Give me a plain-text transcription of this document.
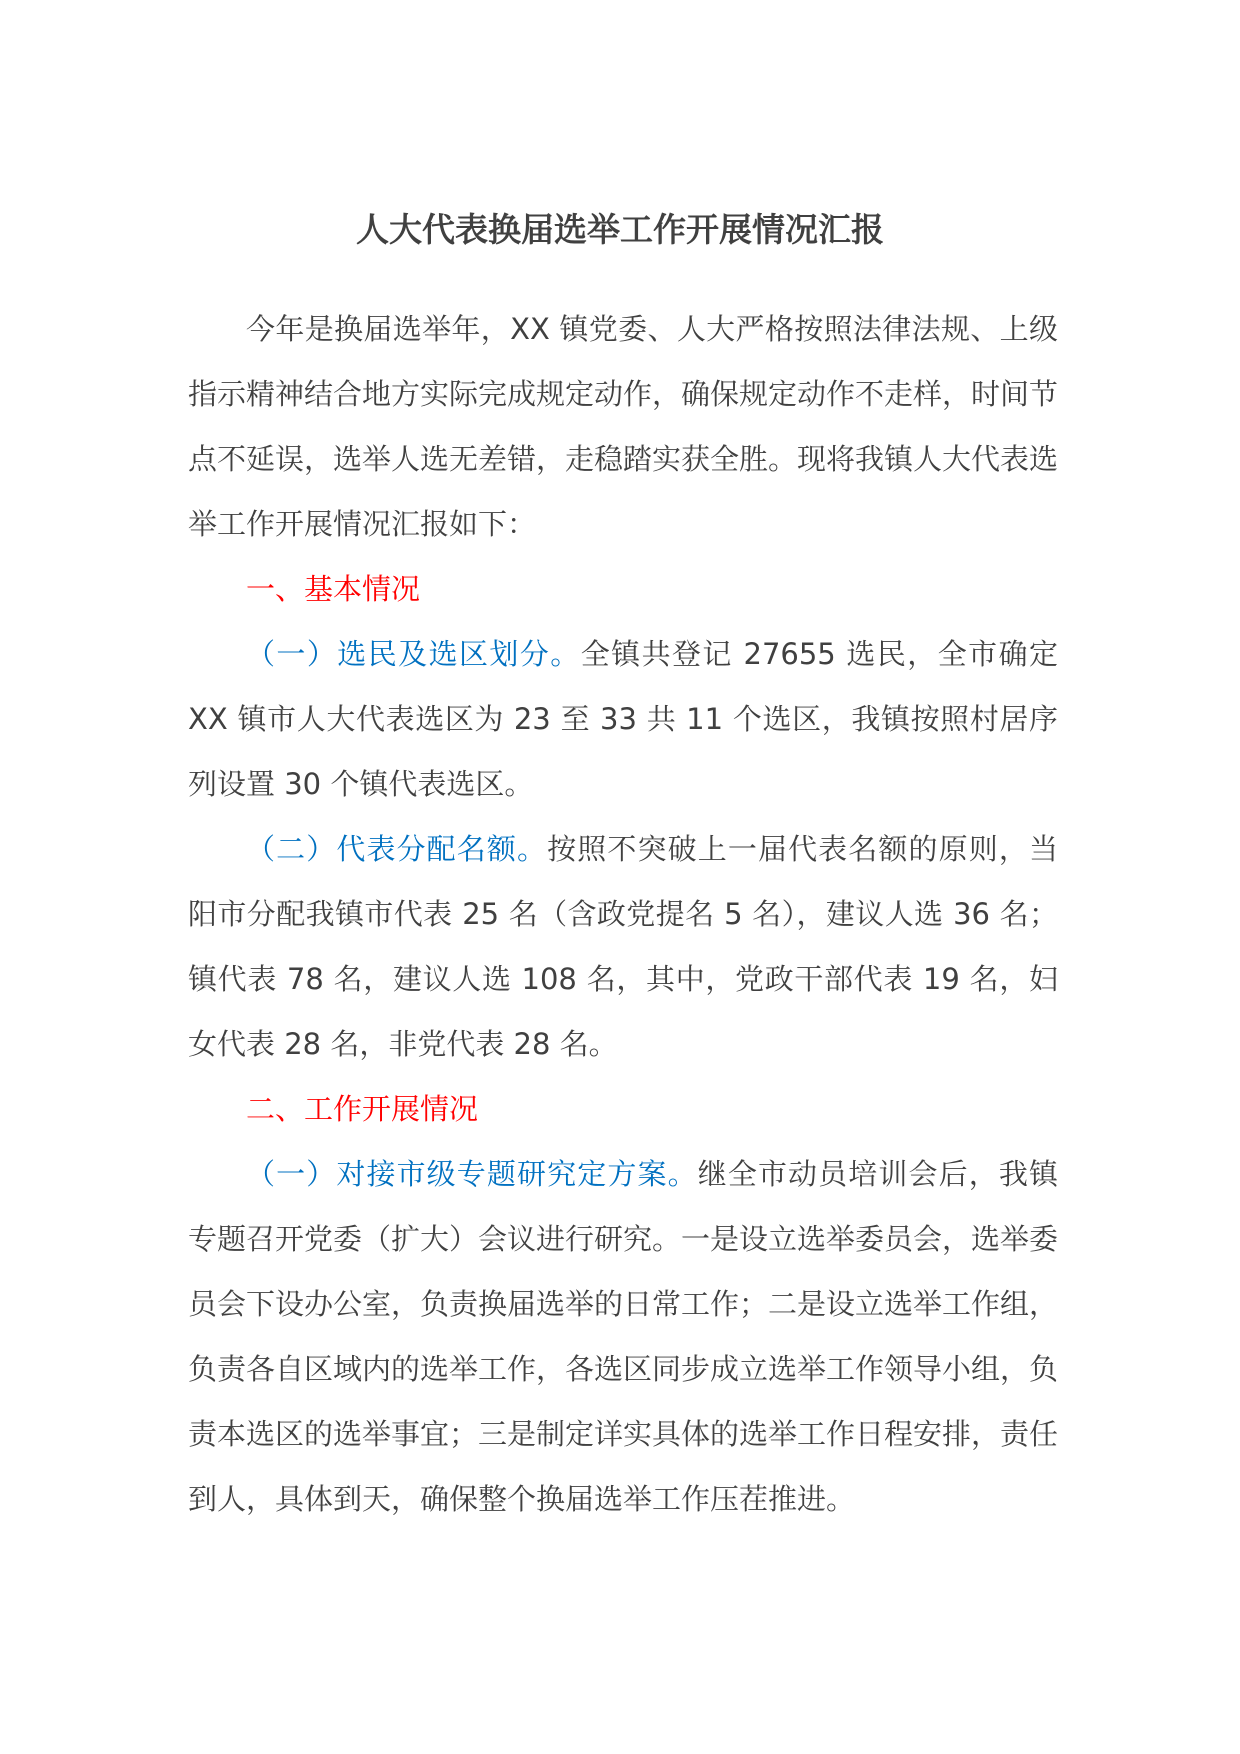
人大代表换届选举工作开展情况汇报

今年是换届选举年，XX 镇党委、人大严格按照法律法规、上级指示精神结合地方实际完成规定动作，确保规定动作不走样，时间节点不延误，选举人选无差错，走稳踏实获全胜。现将我镇人大代表选举工作开展情况汇报如下：

一、基本情况

（一）选民及选区划分。全镇共登记 27655 选民，全市确定 XX 镇市人大代表选区为 23 至 33 共 11 个选区，我镇按照村居序列设置 30 个镇代表选区。

（二）代表分配名额。按照不突破上一届代表名额的原则，当阳市分配我镇市代表 25 名（含政党提名 5 名），建议人选 36 名；镇代表 78 名，建议人选 108 名，其中，党政干部代表 19 名，妇女代表 28 名，非党代表 28 名。

二、工作开展情况

（一）对接市级专题研究定方案。继全市动员培训会后，我镇专题召开党委（扩大）会议进行研究。一是设立选举委员会，选举委员会下设办公室，负责换届选举的日常工作；二是设立选举工作组，负责各自区域内的选举工作，各选区同步成立选举工作领导小组，负责本选区的选举事宜；三是制定详实具体的选举工作日程安排，责任到人，具体到天，确保整个换届选举工作压茬推进。
